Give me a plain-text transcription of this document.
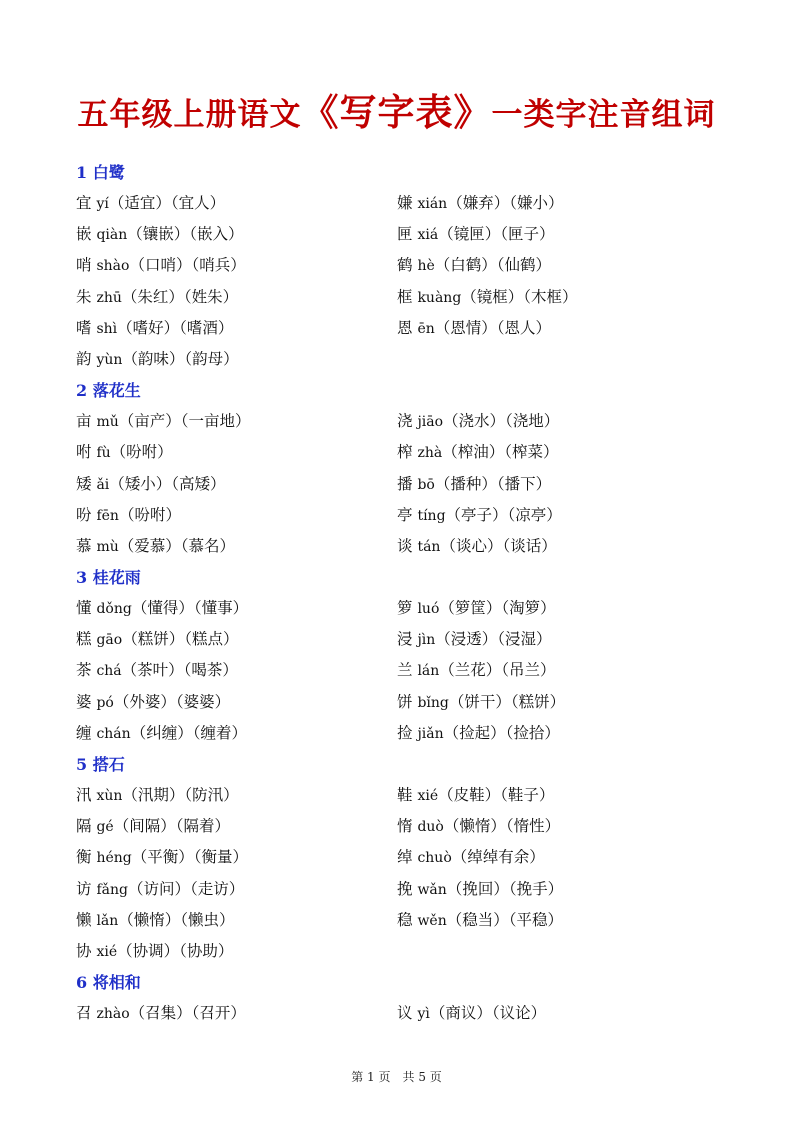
五年级上册语文《写字表》一类字注音组词
1 白鹭
宜 yí（适宜）（宜人）	嫌 xián（嫌弃）（嫌小）
嵌 qiàn（镶嵌）（嵌入）	匣 xiá（镜匣）（匣子）
哨 shào（口哨）（哨兵）	鹤 hè（白鹤）（仙鹤）
朱 zhū（朱红）（姓朱）	框 kuàng（镜框）（木框）
嗜 shì（嗜好）（嗜酒）	恩 ēn（恩情）（恩人）
韵 yùn（韵味）（韵母）
2 落花生
亩 mǔ（亩产）（一亩地）	浇 jiāo（浇水）（浇地）
咐 fù（吩咐）	榨 zhà（榨油）（榨菜）
矮 ǎi（矮小）（高矮）	播 bō（播种）（播下）
吩 fēn（吩咐）	亭 tíng（亭子）（凉亭）
慕 mù（爱慕）（慕名）	谈 tán（谈心）（谈话）
3 桂花雨
懂 dǒng（懂得）（懂事）	箩 luó（箩筐）（淘箩）
糕 gāo（糕饼）（糕点）	浸 jìn（浸透）（浸湿）
茶 chá（茶叶）（喝茶）	兰 lán（兰花）（吊兰）
婆 pó（外婆）（婆婆）	饼 bǐng（饼干）（糕饼）
缠 chán（纠缠）（缠着）	捡 jiǎn（捡起）（捡拾）
5 搭石
汛 xùn（汛期）（防汛）	鞋 xié（皮鞋）（鞋子）
隔 gé（间隔）（隔着）	惰 duò（懒惰）（惰性）
衡 héng（平衡）（衡量）	绰 chuò（绰绰有余）
访 fǎng（访问）（走访）	挽 wǎn（挽回）（挽手）
懒 lǎn（懒惰）（懒虫）	稳 wěn（稳当）（平稳）
协 xié（协调）（协助）
6 将相和
召 zhào（召集）（召开）	议 yì（商议）（议论）
第 1 页　共 5 页
